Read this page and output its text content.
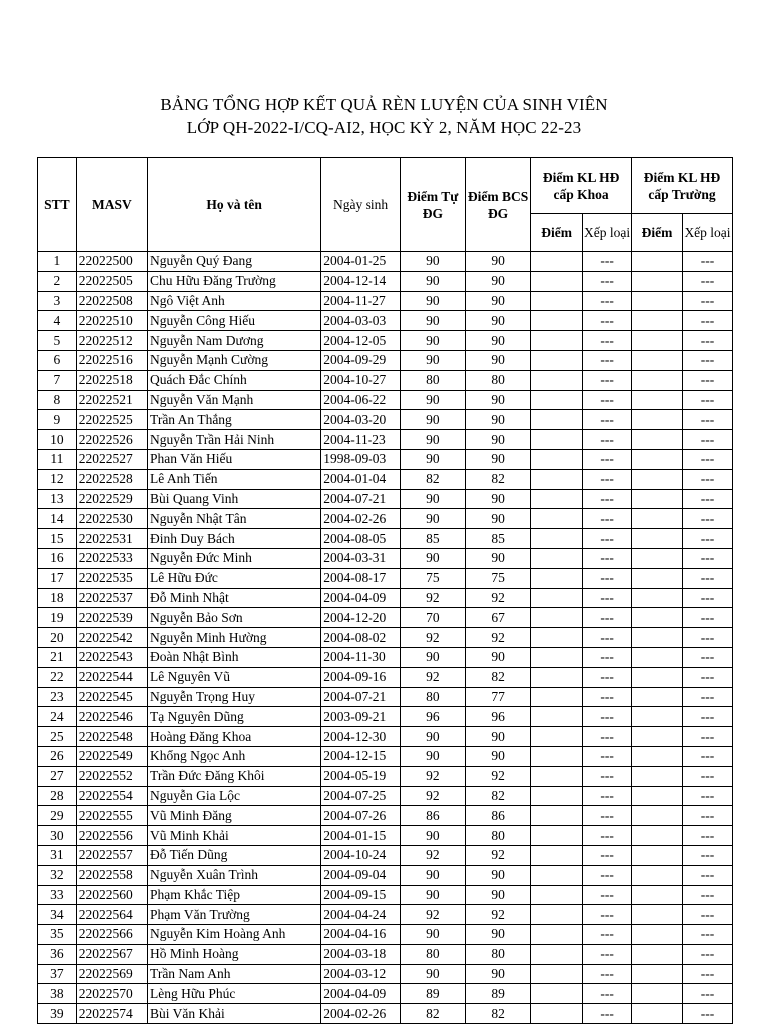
BẢNG TỔNG HỢP KẾT QUẢ RÈN LUYỆN CỦA SINH VIÊN
LỚP QH-2022-I/CQ-AI2, HỌC KỲ 2, NĂM HỌC 22-23
STT	MASV	Họ và tên	Ngày sinh	Điểm Tự ĐG	Điểm BCS ĐG	Điểm KL HĐ cấp Khoa		Điểm KL HĐ cấp Trường	
						Điểm	Xếp loại	Điểm	Xếp loại
1	22022500	Nguyễn Quý Đang	2004-01-25	90	90		---		---
2	22022505	Chu Hữu Đăng Trường	2004-12-14	90	90		---		---
3	22022508	Ngô Việt Anh	2004-11-27	90	90		---		---
4	22022510	Nguyễn Công Hiếu	2004-03-03	90	90		---		---
5	22022512	Nguyễn Nam Dương	2004-12-05	90	90		---		---
6	22022516	Nguyễn Mạnh Cường	2004-09-29	90	90		---		---
7	22022518	Quách Đắc Chính	2004-10-27	80	80		---		---
8	22022521	Nguyễn Văn Mạnh	2004-06-22	90	90		---		---
9	22022525	Trần An Thắng	2004-03-20	90	90		---		---
10	22022526	Nguyễn Trần Hải Ninh	2004-11-23	90	90		---		---
11	22022527	Phan Văn Hiếu	1998-09-03	90	90		---		---
12	22022528	Lê Anh Tiến	2004-01-04	82	82		---		---
13	22022529	Bùi Quang Vinh	2004-07-21	90	90		---		---
14	22022530	Nguyễn Nhật Tân	2004-02-26	90	90		---		---
15	22022531	Đinh Duy Bách	2004-08-05	85	85		---		---
16	22022533	Nguyễn Đức Minh	2004-03-31	90	90		---		---
17	22022535	Lê Hữu Đức	2004-08-17	75	75		---		---
18	22022537	Đỗ Minh Nhật	2004-04-09	92	92		---		---
19	22022539	Nguyễn Bảo Sơn	2004-12-20	70	67		---		---
20	22022542	Nguyễn Minh Hường	2004-08-02	92	92		---		---
21	22022543	Đoàn Nhật Bình	2004-11-30	90	90		---		---
22	22022544	Lê Nguyên Vũ	2004-09-16	92	82		---		---
23	22022545	Nguyễn Trọng Huy	2004-07-21	80	77		---		---
24	22022546	Tạ Nguyên Dũng	2003-09-21	96	96		---		---
25	22022548	Hoàng Đăng Khoa	2004-12-30	90	90		---		---
26	22022549	Khổng Ngọc Anh	2004-12-15	90	90		---		---
27	22022552	Trần Đức Đăng Khôi	2004-05-19	92	92		---		---
28	22022554	Nguyễn Gia Lộc	2004-07-25	92	82		---		---
29	22022555	Vũ Minh Đăng	2004-07-26	86	86		---		---
30	22022556	Vũ Minh Khải	2004-01-15	90	80		---		---
31	22022557	Đỗ Tiến Dũng	2004-10-24	92	92		---		---
32	22022558	Nguyễn Xuân Trình	2004-09-04	90	90		---		---
33	22022560	Phạm Khắc Tiệp	2004-09-15	90	90		---		---
34	22022564	Phạm Văn Trường	2004-04-24	92	92		---		---
35	22022566	Nguyễn Kim Hoàng Anh	2004-04-16	90	90		---		---
36	22022567	Hồ Minh Hoàng	2004-03-18	80	80		---		---
37	22022569	Trần Nam Anh	2004-03-12	90	90		---		---
38	22022570	Lèng Hữu Phúc	2004-04-09	89	89		---		---
39	22022574	Bùi Văn Khải	2004-02-26	82	82		---		---
